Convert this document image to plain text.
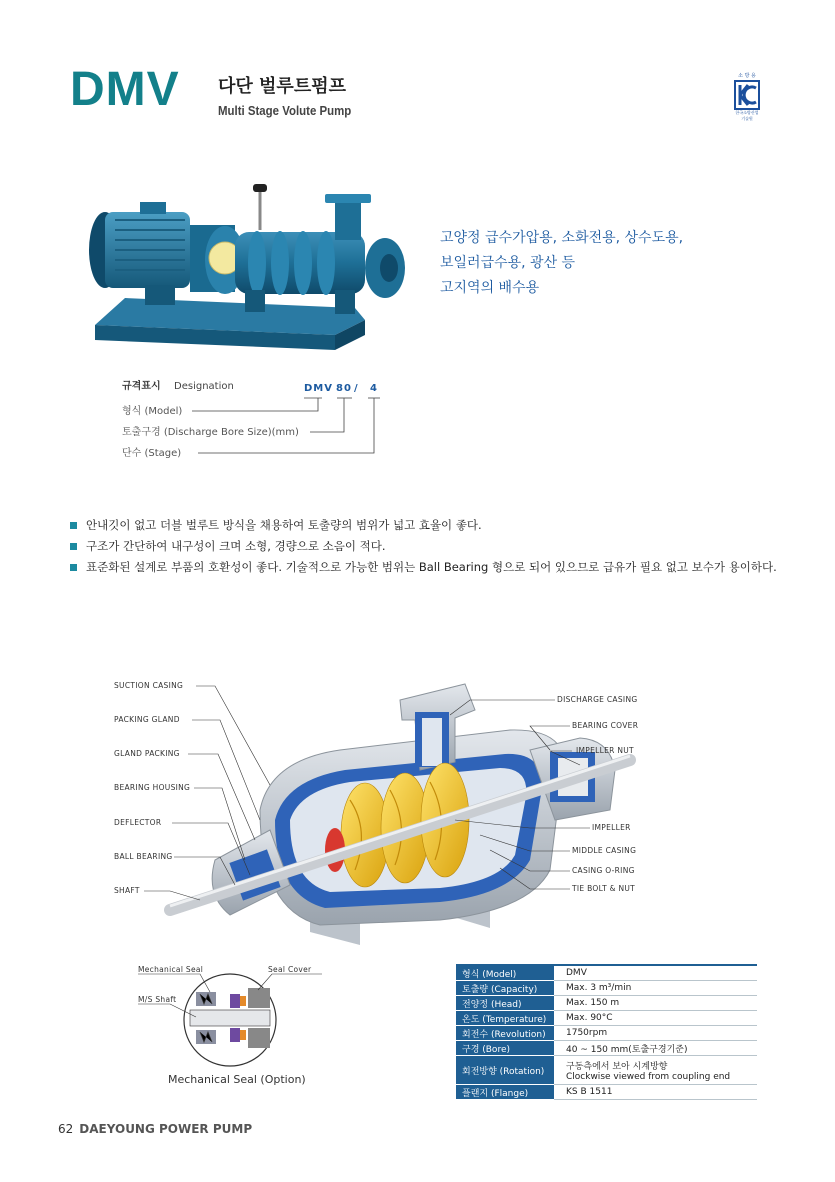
DMV 다단 벌루트펌프
Multi Stage Volute Pump
소 방 용
한국소방산업기술원
고양정 급수가압용, 소화전용, 상수도용,
보일러급수용, 광산 등
고지역의 배수용
규격표시 Designation	DMV 80 / 4
형식 (Model)
토출구경 (Discharge Bore Size)(mm)
단수 (Stage)
안내깃이 없고 더블 벌루트 방식을 채용하여 토출량의 범위가 넓고 효율이 좋다.
구조가 간단하여 내구성이 크며 소형, 경량으로 소음이 적다.
표준화된 설계로 부품의 호환성이 좋다. 기술적으로 가능한 범위는 Ball Bearing 형으로 되어 있으므로 급유가 필요 없고 보수가 용이하다.
SUCTION CASING
PACKING GLAND
GLAND PACKING
BEARING HOUSING
DEFLECTOR
BALL BEARING
SHAFT
DISCHARGE CASING
BEARING COVER
IMPELLER NUT
IMPELLER
MIDDLE CASING
CASING O-RING
TIE BOLT & NUT
Mechanical Seal	Seal Cover
M/S Shaft
Mechanical Seal (Option)
형식 (Model)	DMV
토출량 (Capacity)	Max. 3 m³/min
전양정 (Head)	Max. 150 m
온도 (Temperature)	Max. 90°C
회전수 (Revolution)	1750rpm
구경 (Bore)	40 ~ 150 mm(토출구경기준)
회전방향 (Rotation)	구동측에서 보아 시계방향
Clockwise viewed from coupling end

플랜지 (Flange)	KS B 1511
62 DAEYOUNG POWER PUMP
